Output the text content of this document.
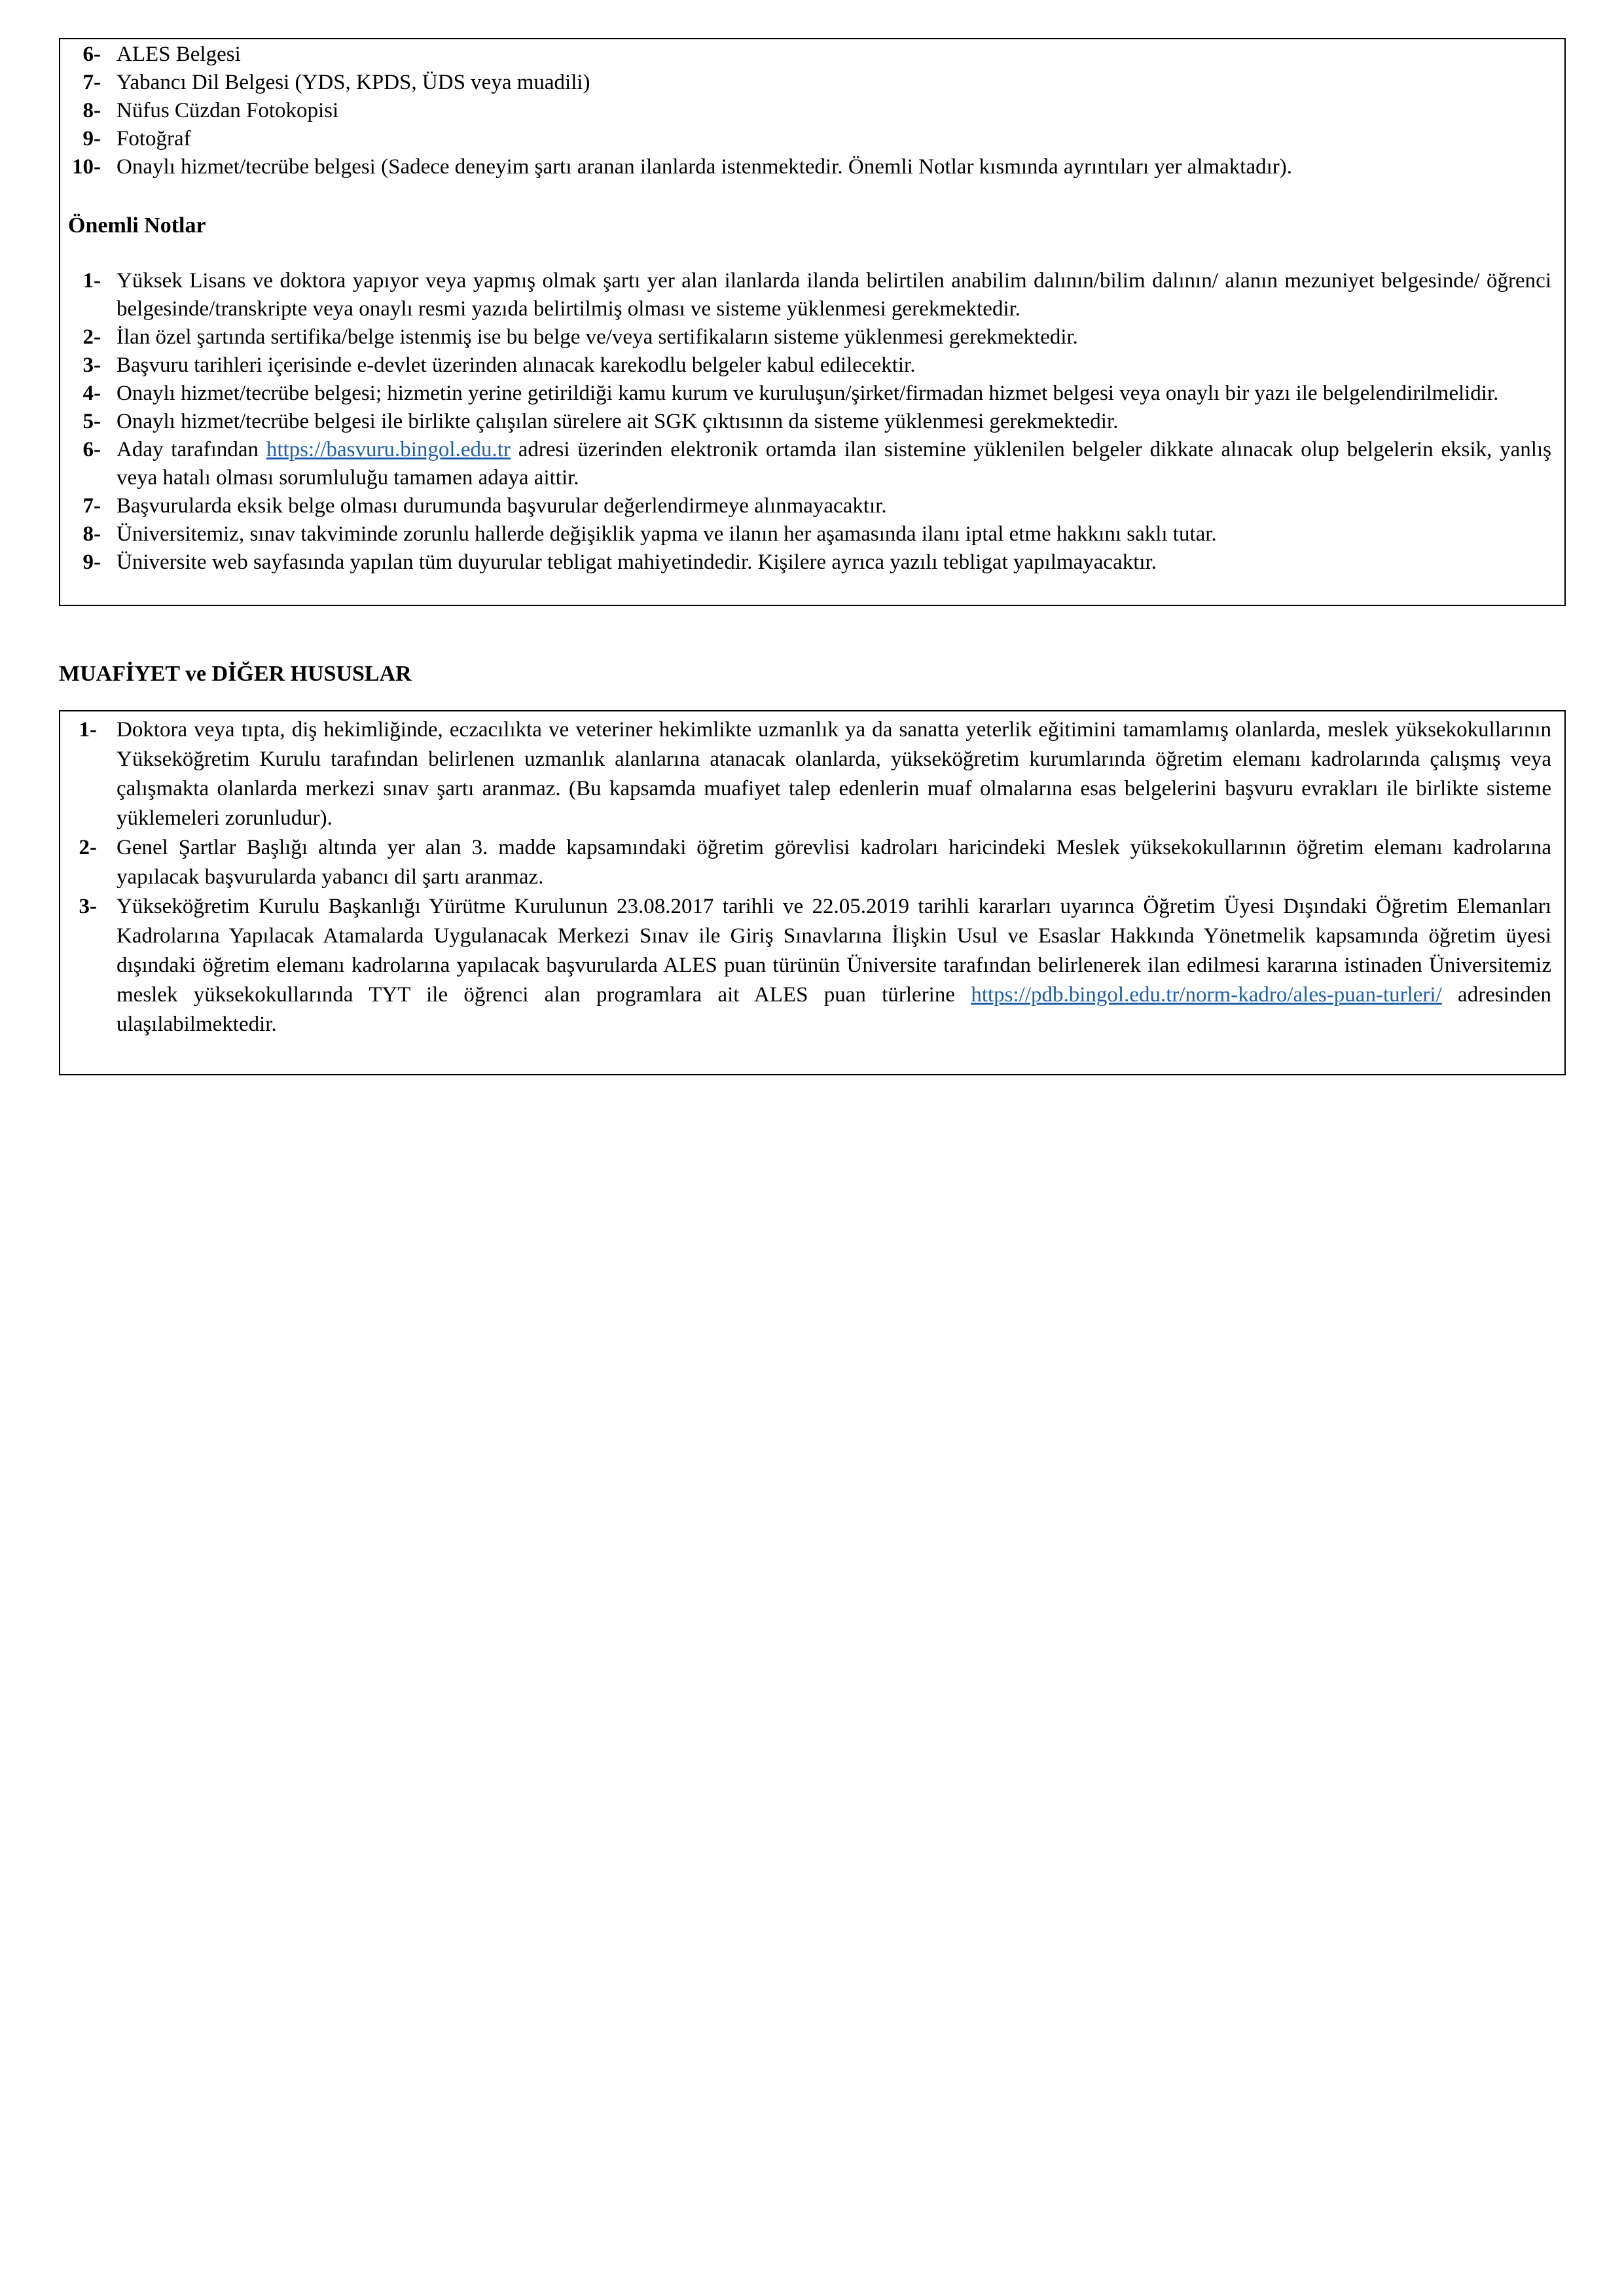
6- ALES Belgesi
7- Yabancı Dil Belgesi (YDS, KPDS, ÜDS veya muadili)
8- Nüfus Cüzdan Fotokopisi
9- Fotoğraf
10- Onaylı hizmet/tecrübe belgesi (Sadece deneyim şartı aranan ilanlarda istenmektedir. Önemli Notlar kısmında ayrıntıları yer almaktadır).
Önemli Notlar
1- Yüksek Lisans ve doktora yapıyor veya yapmış olmak şartı yer alan ilanlarda ilanda belirtilen anabilim dalının/bilim dalının/ alanın mezuniyet belgesinde/ öğrenci belgesinde/transkripte veya onaylı resmi yazıda belirtilmiş olması ve sisteme yüklenmesi gerekmektedir.
2- İlan özel şartında sertifika/belge istenmiş ise bu belge ve/veya sertifikaların sisteme yüklenmesi gerekmektedir.
3- Başvuru tarihleri içerisinde e-devlet üzerinden alınacak karekodlu belgeler kabul edilecektir.
4- Onaylı hizmet/tecrübe belgesi; hizmetin yerine getirildiği kamu kurum ve kuruluşun/şirket/firmadan hizmet belgesi veya onaylı bir yazı ile belgelendirilmelidir.
5- Onaylı hizmet/tecrübe belgesi ile birlikte çalışılan sürelere ait SGK çıktısının da sisteme yüklenmesi gerekmektedir.
6- Aday tarafından https://basvuru.bingol.edu.tr adresi üzerinden elektronik ortamda ilan sistemine yüklenilen belgeler dikkate alınacak olup belgelerin eksik, yanlış veya hatalı olması sorumluluğu tamamen adaya aittir.
7- Başvurularda eksik belge olması durumunda başvurular değerlendirmeye alınmayacaktır.
8- Üniversitemiz, sınav takviminde zorunlu hallerde değişiklik yapma ve ilanın her aşamasında ilanı iptal etme hakkını saklı tutar.
9- Üniversite web sayfasında yapılan tüm duyurular tebligat mahiyetindedir. Kişilere ayrıca yazılı tebligat yapılmayacaktır.
MUAFİYET ve DİĞER HUSUSLAR
1- Doktora veya tıpta, diş hekimliğinde, eczacılıkta ve veteriner hekimlikte uzmanlık ya da sanatta yeterlik eğitimini tamamlamış olanlarda, meslek yüksekokullarının Yükseköğretim Kurulu tarafından belirlenen uzmanlık alanlarına atanacak olanlarda, yükseköğretim kurumlarında öğretim elemanı kadrolarında çalışmış veya çalışmakta olanlarda merkezi sınav şartı aranmaz. (Bu kapsamda muafiyet talep edenlerin muaf olmalarına esas belgelerini başvuru evrakları ile birlikte sisteme yüklemeleri zorunludur).
2- Genel Şartlar Başlığı altında yer alan 3. madde kapsamındaki öğretim görevlisi kadroları haricindeki Meslek yüksekokullarının öğretim elemanı kadrolarına yapılacak başvurularda yabancı dil şartı aranmaz.
3- Yükseköğretim Kurulu Başkanlığı Yürütme Kurulunun 23.08.2017 tarihli ve 22.05.2019 tarihli kararları uyarınca Öğretim Üyesi Dışındaki Öğretim Elemanları Kadrolarına Yapılacak Atamalarda Uygulanacak Merkezi Sınav ile Giriş Sınavlarına İlişkin Usul ve Esaslar Hakkında Yönetmelik kapsamında öğretim üyesi dışındaki öğretim elemanı kadrolarına yapılacak başvurularda ALES puan türünün Üniversite tarafından belirlenerek ilan edilmesi kararına istinaden Üniversitemiz meslek yüksekokullarında TYT ile öğrenci alan programlara ait ALES puan türlerine https://pdb.bingol.edu.tr/norm-kadro/ales-puan-turleri/ adresinden ulaşılabilmektedir.
